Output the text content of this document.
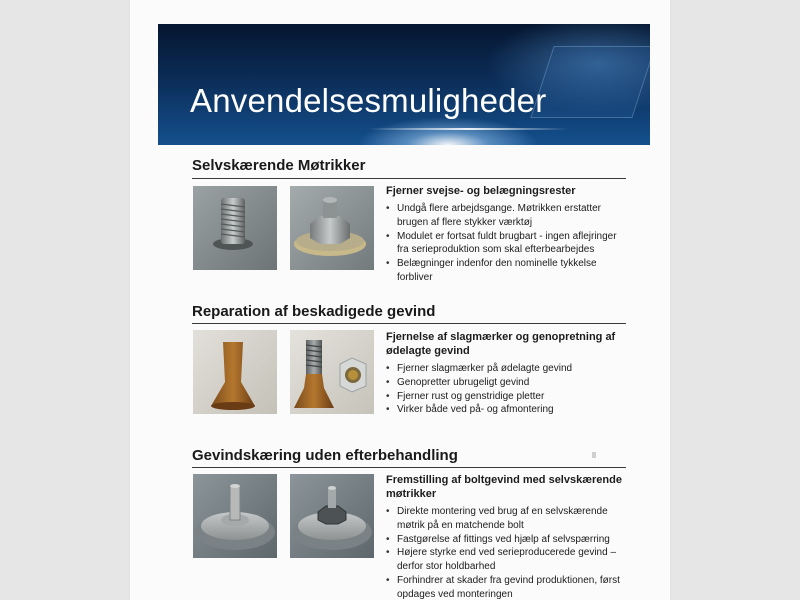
Anvendelsesmuligheder
Selvskærende Møtrikker
Fjerner svejse- og belægningsrester
• Undgå flere arbejdsgange. Møtrikken erstatter brugen af flere stykker værktøj
• Modulet er fortsat fuldt brugbart - ingen aflejringer fra serieproduktion som skal efterbearbejdes
• Belægninger indenfor den nominelle tykkelse forbliver
Reparation af beskadigede gevind
Fjernelse af slagmærker og genopretning af ødelagte gevind
• Fjerner slagmærker på ødelagte gevind
• Genopretter ubrugeligt gevind
• Fjerner rust og genstridige pletter
• Virker både ved på- og afmontering
Gevindskæring uden efterbehandling
Fremstilling af boltgevind med selvskærende møtrikker
• Direkte montering ved brug af en selvskærende møtrik på en matchende bolt
• Fastgørelse af fittings ved hjælp af selvspærring
• Højere styrke end ved serieproducerede gevind – derfor stor holdbarhed
• Forhindrer at skader fra gevind produktionen, først opdages ved monteringen
